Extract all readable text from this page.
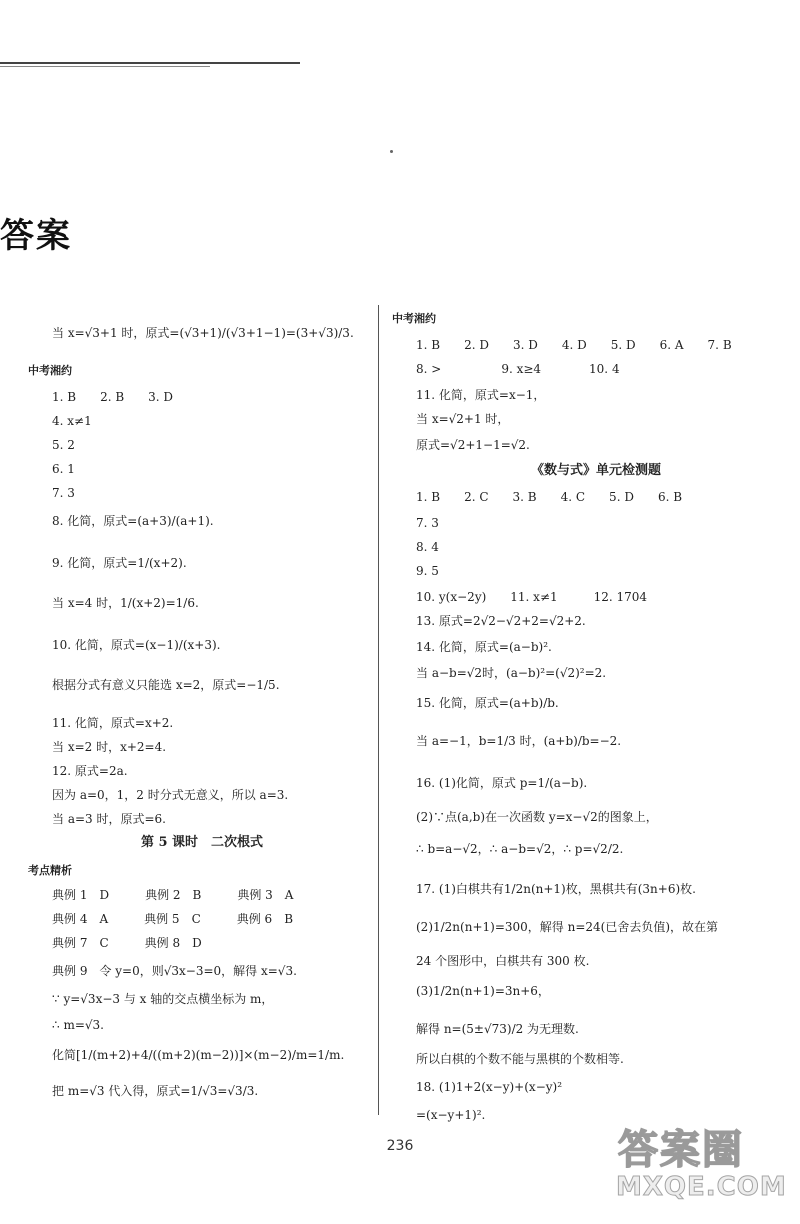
答案
当 x=√3+1 时，原式=(√3+1)/(√3+1−1)=(3+√3)/3.
中考湘约
1. B　　2. B　　3. D
4. x≠1
5. 2
6. 1
7. 3
8. 化简，原式=(a+3)/(a+1).
9. 化简，原式=1/(x+2).
当 x=4 时，1/(x+2)=1/6.
10. 化简，原式=(x−1)/(x+3).
根据分式有意义只能选 x=2，原式=−1/5.
11. 化简，原式=x+2.
当 x=2 时，x+2=4.
12. 原式=2a.
因为 a=0，1，2 时分式无意义，所以 a=3.
当 a=3 时，原式=6.
第 5 课时　二次根式
考点精析
典例 1　D　　　典例 2　B　　　典例 3　A
典例 4　A　　　典例 5　C　　　典例 6　B
典例 7　C　　　典例 8　D
典例 9　令 y=0，则√3x−3=0，解得 x=√3.
∵ y=√3x−3 与 x 轴的交点横坐标为 m，
∴ m=√3.
化简[1/(m+2)+4/((m+2)(m−2))]×(m−2)/m=1/m.
把 m=√3 代入得，原式=1/√3=√3/3.
中考湘约
1. B　　2. D　　3. D　　4. D　　5. D　　6. A　　7. B
8. >　　　　　9. x≥4　　　　10. 4
11. 化简，原式=x−1，
当 x=√2+1 时，
原式=√2+1−1=√2.
《数与式》单元检测题
1. B　　2. C　　3. B　　4. C　　5. D　　6. B
7. 3
8. 4
9. 5
10. y(x−2y)　　11. x≠1　　　12. 1704
13. 原式=2√2−√2+2=√2+2.
14. 化简，原式=(a−b)².
当 a−b=√2时，(a−b)²=(√2)²=2.
15. 化简，原式=(a+b)/b.
当 a=−1，b=1/3 时，(a+b)/b=−2.
16. (1)化简，原式 p=1/(a−b).
(2)∵点(a,b)在一次函数 y=x−√2的图象上，
∴ b=a−√2，∴ a−b=√2，∴ p=√2/2.
17. (1)白棋共有1/2n(n+1)枚，黑棋共有(3n+6)枚.
(2)1/2n(n+1)=300，解得 n=24(已舍去负值)，故在第
24 个图形中，白棋共有 300 枚.
(3)1/2n(n+1)=3n+6，
解得 n=(5±√73)/2 为无理数.
所以白棋的个数不能与黑棋的个数相等.
18. (1)1+2(x−y)+(x−y)²
=(x−y+1)².
236	答案圈
MXQE.COM
